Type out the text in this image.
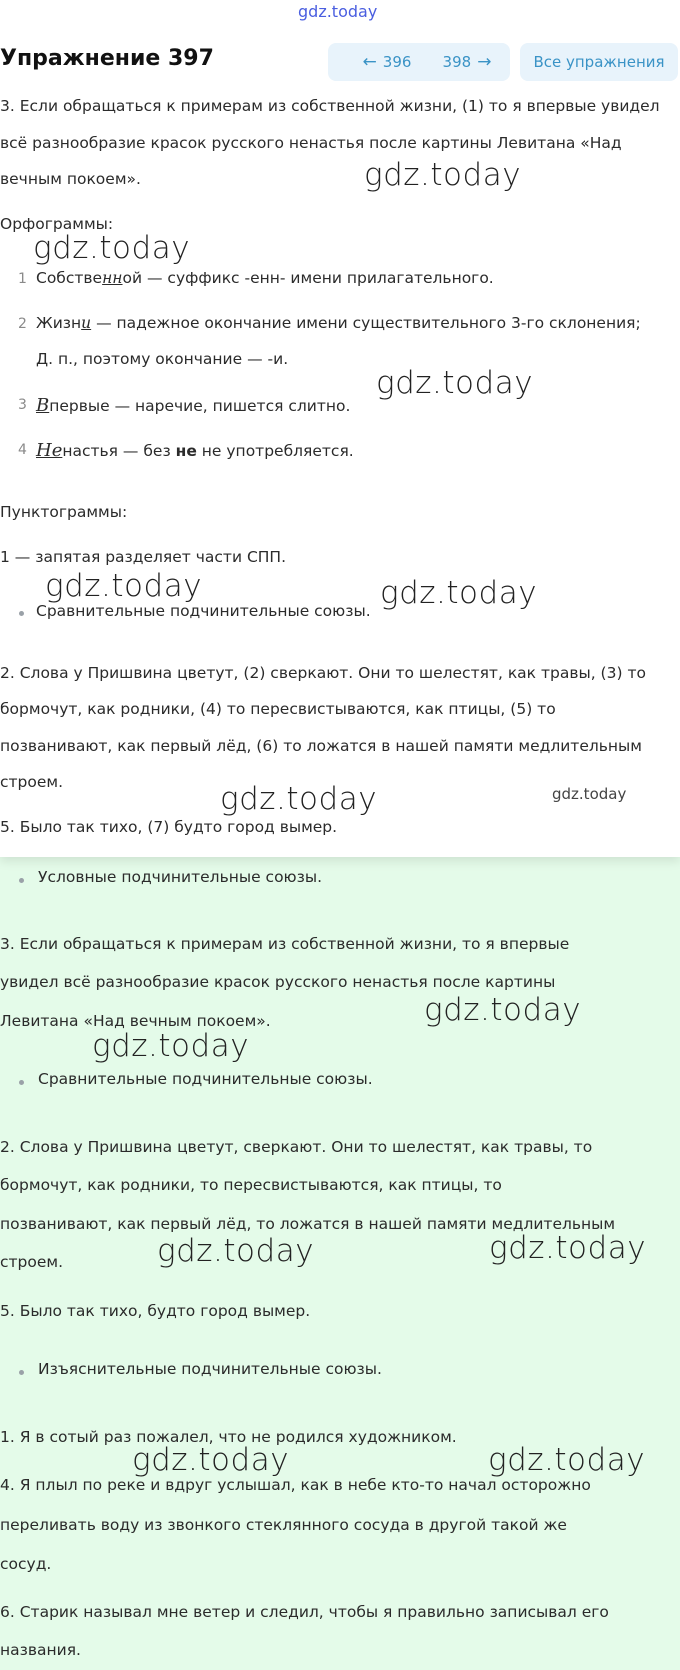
gdz.today
Упражнение 397	← 396 398 →	Все упражнения
3. Если обращаться к примерам из собственной жизни, (1) то я впервые увидел
всё разнообразие красок русского ненастья после картины Левитана «Над
вечным покоем».
Орфограммы:
1 Собственной — суффикс -енн- имени прилагательного.
2 Жизни — падежное окончание имени существительного 3-го склонения;
Д. п., поэтому окончание — -и.
3 Впервые — наречие, пишется слитно.
4 Ненастья — без не не употребляется.
Пунктограммы:
1 — запятая разделяет части СПП.
Сравнительные подчинительные союзы.
2. Слова у Пришвина цветут, (2) сверкают. Они то шелестят, как травы, (3) то
бормочут, как родники, (4) то пересвистываются, как птицы, (5) то
позванивают, как первый лёд, (6) то ложатся в нашей памяти медлительным
строем.
5. Было так тихо, (7) будто город вымер.
Условные подчинительные союзы.
3. Если обращаться к примерам из собственной жизни, то я впервые
увидел всё разнообразие красок русского ненастья после картины
Левитана «Над вечным покоем».
Сравнительные подчинительные союзы.
2. Слова у Пришвина цветут, сверкают. Они то шелестят, как травы, то
бормочут, как родники, то пересвистываются, как птицы, то
позванивают, как первый лёд, то ложатся в нашей памяти медлительным
строем.
5. Было так тихо, будто город вымер.
Изъяснительные подчинительные союзы.
1. Я в сотый раз пожалел, что не родился художником.
4. Я плыл по реке и вдруг услышал, как в небе кто-то начал осторожно
переливать воду из звонкого стеклянного сосуда в другой такой же
сосуд.
6. Старик называл мне ветер и следил, чтобы я правильно записывал его
названия.
gdz.today
gdz.today
gdz.today
gdz.today	gdz.today
gdz.today	gdz.today
gdz.today
gdz.today
gdz.today	gdz.today
gdz.today	gdz.today
